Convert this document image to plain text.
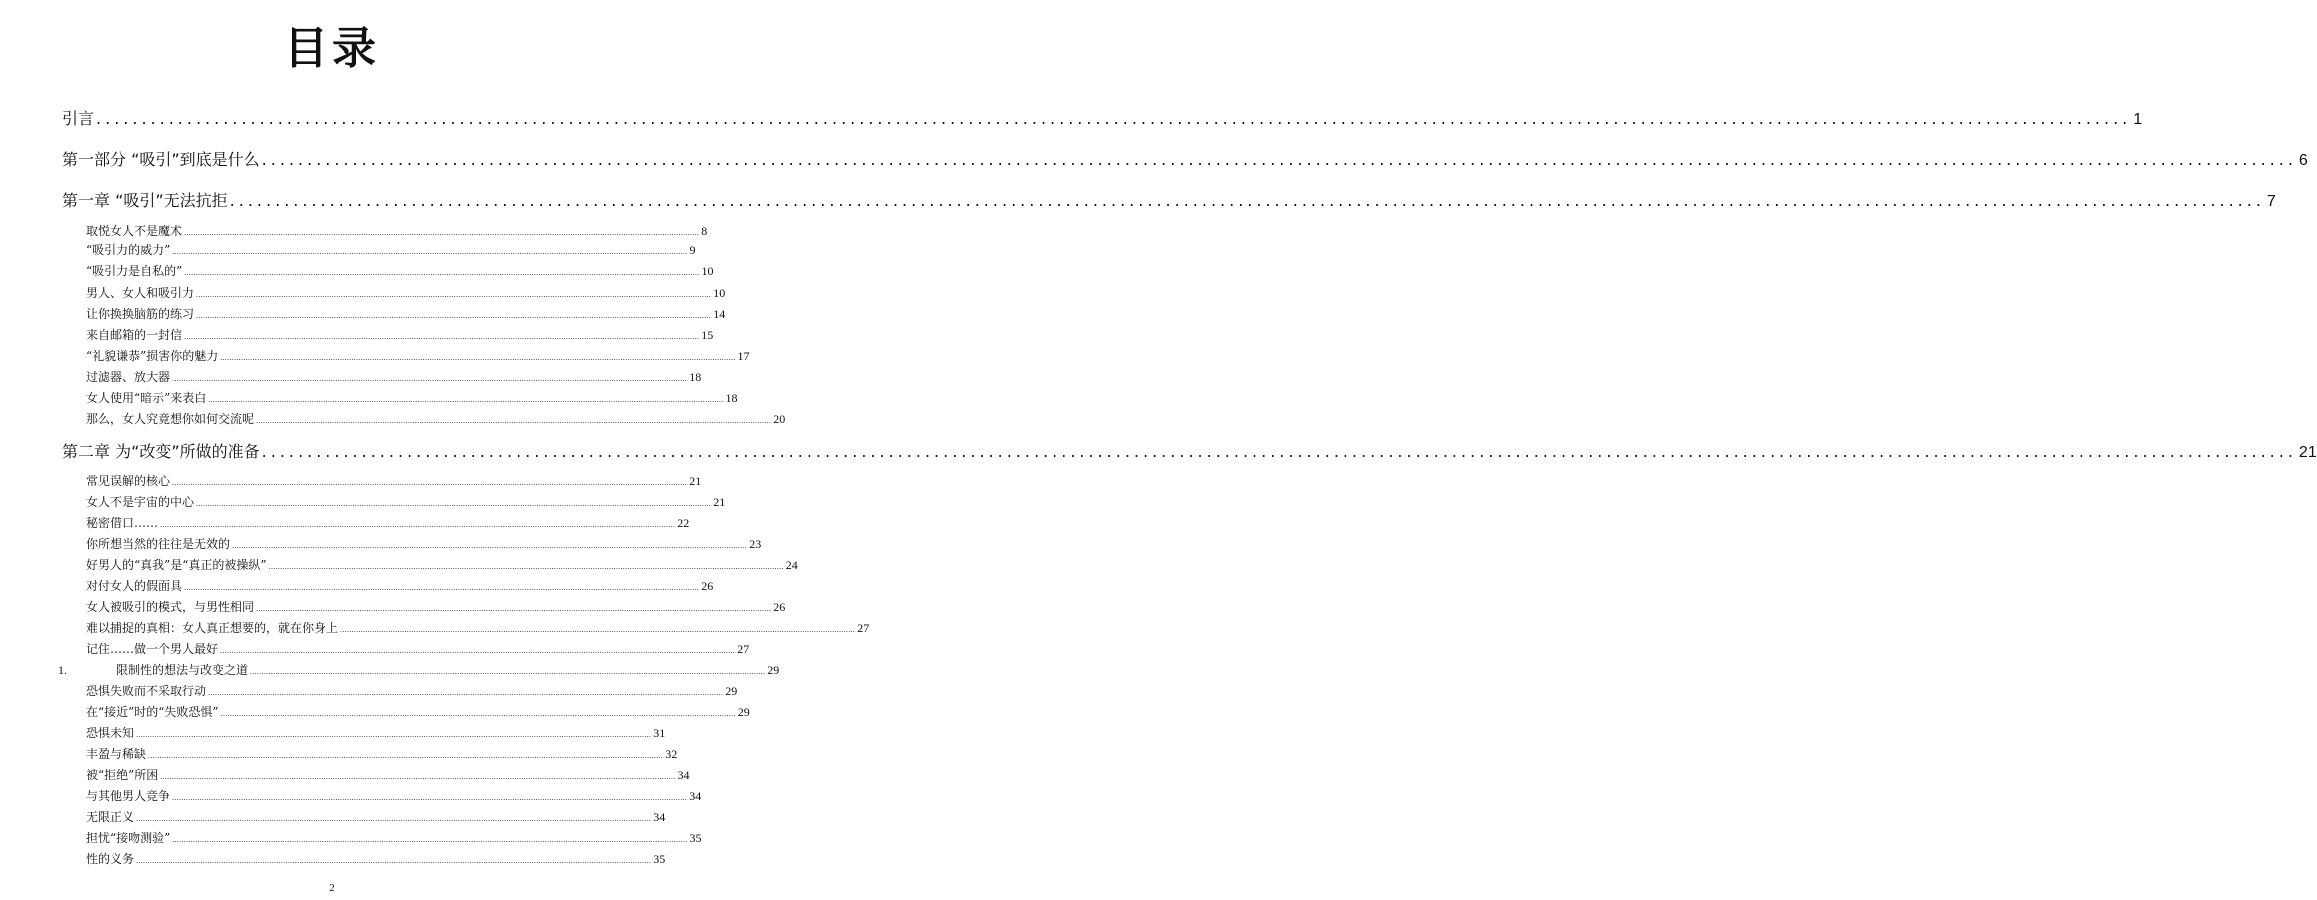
目录
引言 ................................................................................................................................................................................................................................ 1
第一部分 “吸引”到底是什么 ................................................................................................................................................................................................................................ 6
第一章 “吸引”无法抗拒 ................................................................................................................................................................................................................................ 7
取悦女人不是魔术 ................................................................................................................................................................................................................................ 8
“吸引力的威力” ................................................................................................................................................................................................................................ 9
“吸引力是自私的” ................................................................................................................................................................................................................................ 10
男人、女人和吸引力 ................................................................................................................................................................................................................................ 10
让你换换脑筋的练习 ................................................................................................................................................................................................................................ 14
来自邮箱的一封信 ................................................................................................................................................................................................................................ 15
“礼貌谦恭”损害你的魅力 ................................................................................................................................................................................................................................ 17
过滤器、放大器 ................................................................................................................................................................................................................................ 18
女人使用“暗示”来表白 ................................................................................................................................................................................................................................ 18
那么，女人究竟想你如何交流呢 ................................................................................................................................................................................................................................ 20
第二章 为“改变”所做的准备 ................................................................................................................................................................................................................................ 21
常见误解的核心 ................................................................................................................................................................................................................................ 21
女人不是宇宙的中心 ................................................................................................................................................................................................................................ 21
秘密借口…… ................................................................................................................................................................................................................................ 22
你所想当然的往往是无效的 ................................................................................................................................................................................................................................ 23
好男人的“真我”是“真正的被操纵” ................................................................................................................................................................................................................................ 24
对付女人的假面具 ................................................................................................................................................................................................................................ 26
女人被吸引的模式，与男性相同 ................................................................................................................................................................................................................................ 26
难以捕捉的真相：女人真正想要的，就在你身上 ................................................................................................................................................................................................................................ 27
记住……做一个男人最好 ................................................................................................................................................................................................................................ 27
1.	限制性的想法与改变之道 ................................................................................................................................................................................................................................ 29
恐惧失败而不采取行动 ................................................................................................................................................................................................................................ 29
在“接近”时的“失败恐惧” ................................................................................................................................................................................................................................ 29
恐惧未知 ................................................................................................................................................................................................................................ 31
丰盈与稀缺 ................................................................................................................................................................................................................................ 32
被“拒绝”所困 ................................................................................................................................................................................................................................ 34
与其他男人竞争 ................................................................................................................................................................................................................................ 34
无限正义 ................................................................................................................................................................................................................................ 34
担忧“接吻测验” ................................................................................................................................................................................................................................ 35
性的义务 ................................................................................................................................................................................................................................ 35
2
